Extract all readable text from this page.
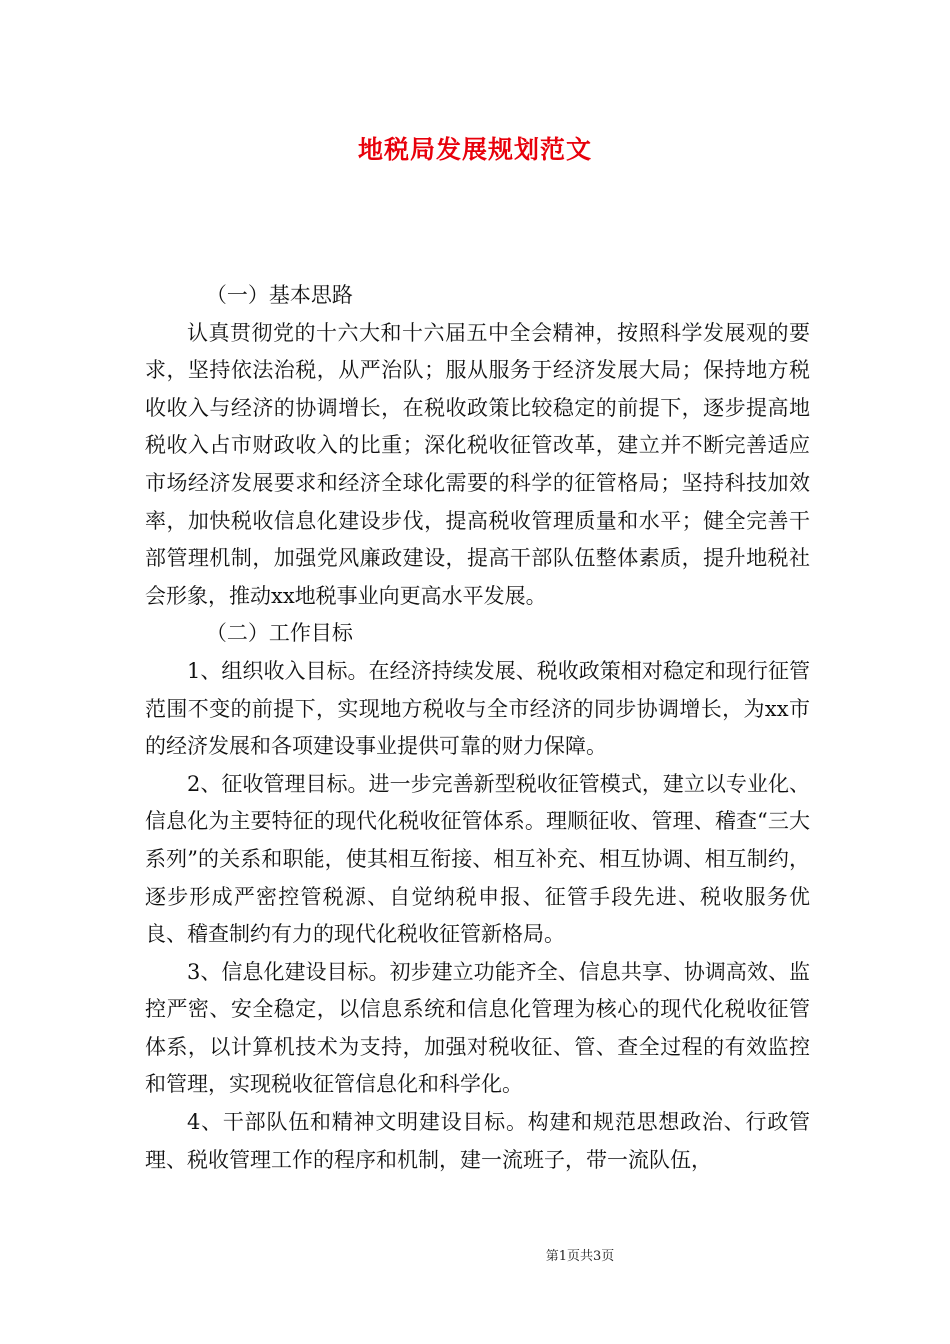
地税局发展规划范文

（一）基本思路

认真贯彻党的十六大和十六届五中全会精神，按照科学发展观的要求，坚持依法治税，从严治队；服从服务于经济发展大局；保持地方税收收入与经济的协调增长，在税收政策比较稳定的前提下，逐步提高地税收入占市财政收入的比重；深化税收征管改革，建立并不断完善适应市场经济发展要求和经济全球化需要的科学的征管格局；坚持科技加效率，加快税收信息化建设步伐，提高税收管理质量和水平；健全完善干部管理机制，加强党风廉政建设，提高干部队伍整体素质，提升地税社会形象，推动xx地税事业向更高水平发展。

（二）工作目标

1、组织收入目标。在经济持续发展、税收政策相对稳定和现行征管范围不变的前提下，实现地方税收与全市经济的同步协调增长，为xx市的经济发展和各项建设事业提供可靠的财力保障。

2、征收管理目标。进一步完善新型税收征管模式，建立以专业化、信息化为主要特征的现代化税收征管体系。理顺征收、管理、稽查“三大系列”的关系和职能，使其相互衔接、相互补充、相互协调、相互制约，逐步形成严密控管税源、自觉纳税申报、征管手段先进、税收服务优良、稽查制约有力的现代化税收征管新格局。

3、信息化建设目标。初步建立功能齐全、信息共享、协调高效、监控严密、安全稳定，以信息系统和信息化管理为核心的现代化税收征管体系，以计算机技术为支持，加强对税收征、管、查全过程的有效监控和管理，实现税收征管信息化和科学化。

4、干部队伍和精神文明建设目标。构建和规范思想政治、行政管理、税收管理工作的程序和机制，建一流班子，带一流队伍，

第1页共3页
